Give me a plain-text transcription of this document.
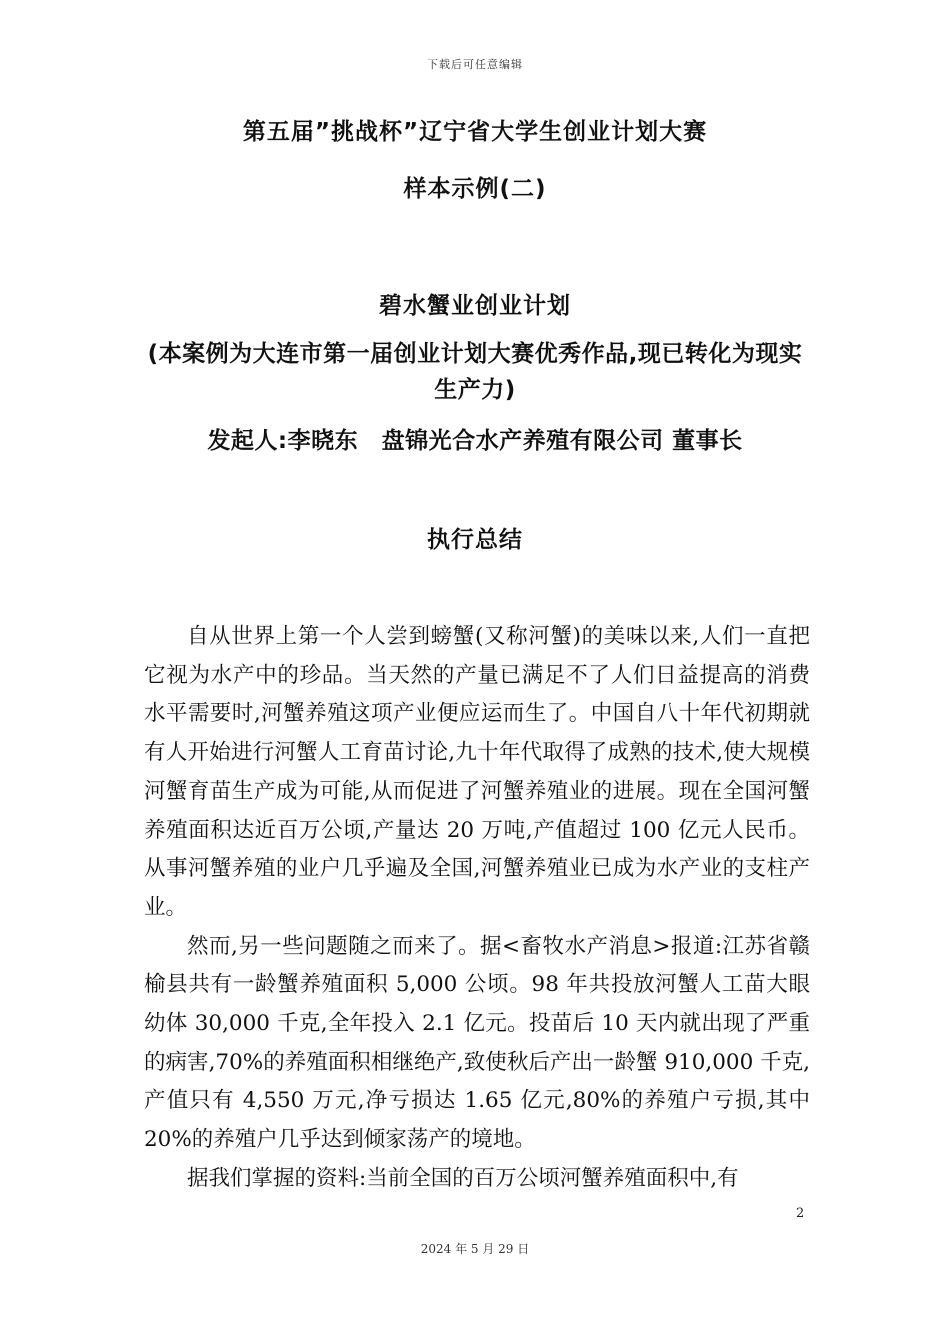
下载后可任意编辑
第五届”挑战杯”辽宁省大学生创业计划大赛
样本示例(二)
碧水蟹业创业计划
(本案例为大连市第一届创业计划大赛优秀作品,现已转化为现实生产力)
发起人:李晓东　盘锦光合水产养殖有限公司 董事长
执行总结

自从世界上第一个人尝到螃蟹(又称河蟹)的美味以来,人们一直把它视为水产中的珍品。当天然的产量已满足不了人们日益提高的消费水平需要时,河蟹养殖这项产业便应运而生了。中国自八十年代初期就有人开始进行河蟹人工育苗讨论,九十年代取得了成熟的技术,使大规模河蟹育苗生产成为可能,从而促进了河蟹养殖业的进展。现在全国河蟹养殖面积达近百万公顷,产量达 20 万吨,产值超过 100 亿元人民币。从事河蟹养殖的业户几乎遍及全国,河蟹养殖业已成为水产业的支柱产业。

然而,另一些问题随之而来了。据<畜牧水产消息>报道:江苏省赣榆县共有一龄蟹养殖面积 5,000 公顷。98 年共投放河蟹人工苗大眼幼体 30,000 千克,全年投入 2.1 亿元。投苗后 10 天内就出现了严重的病害,70%的养殖面积相继绝产,致使秋后产出一龄蟹 910,000 千克,产值只有 4,550 万元,净亏损达 1.65 亿元,80%的养殖户亏损,其中 20%的养殖户几乎达到倾家荡产的境地。

据我们掌握的资料:当前全国的百万公顷河蟹养殖面积中,有

2
2024 年 5 月 29 日
